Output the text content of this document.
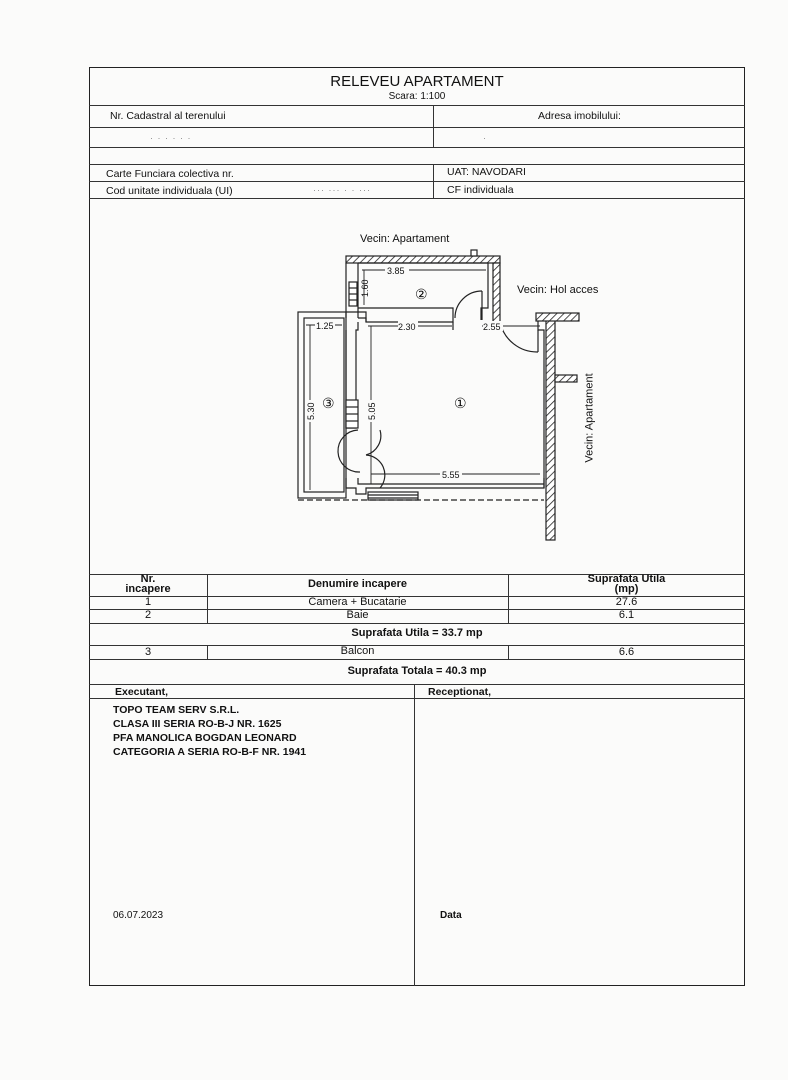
RELEVEU APARTAMENT
Scara: 1:100
Nr. Cadastral al terenului
· · · · · ·
Adresa imobilului:
·
Carte Funciara colectiva nr.	UAT: NAVODARI
Cod unitate individuala (UI)	··· ··· · · ···	CF individuala
3.85
1.25	2.30	2.55
5.55
1.60
5.30	5.05
Vecin: Apartament
Vecin: Hol acces
Vecin: Apartament
②
①
③
Nr.
incapere	Denumire incapere	Suprafata Utila
(mp)
1	Camera + Bucatarie	27.6
2	Baie	6.1
Suprafata Utila = 33.7 mp
3	Balcon	6.6
Suprafata Totala = 40.3 mp
Executant,	Receptionat,
TOPO TEAM SERV S.R.L.
CLASA III SERIA RO-B-J NR. 1625
PFA MANOLICA BOGDAN LEONARD
CATEGORIA A SERIA RO-B-F NR. 1941
06.07.2023	Data
